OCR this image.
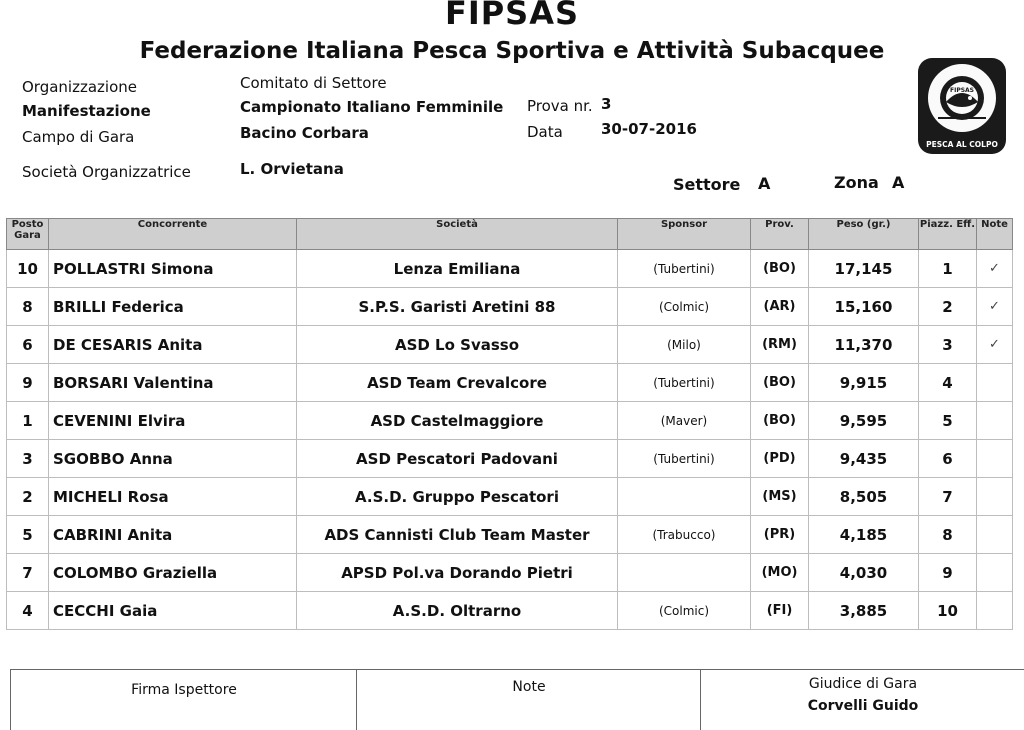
FIPSAS
Federazione Italiana Pesca Sportiva e Attività Subacquee
Organizzazione	Comitato di Settore
Manifestazione	Campionato Italiano Femminile Prova nr. 3
Campo di Gara	Bacino Corbara	Data	30-07-2016
Società Organizzatrice	L. Orvietana
Settore A	Zona A
FIPSAS
PESCA AL COLPO
Posto Gara	Concorrente	Società	Sponsor	Prov.	Peso (gr.)	Piazz. Eff.	Note
10	POLLASTRI Simona	Lenza Emiliana	(Tubertini)	(BO)	17,145	1	✓
8	BRILLI Federica	S.P.S. Garisti Aretini 88	(Colmic)	(AR)	15,160	2	✓
6	DE CESARIS Anita	ASD Lo Svasso	(Milo)	(RM)	11,370	3	✓
9	BORSARI Valentina	ASD Team Crevalcore	(Tubertini)	(BO)	9,915	4	
1	CEVENINI Elvira	ASD Castelmaggiore	(Maver)	(BO)	9,595	5	
3	SGOBBO Anna	ASD Pescatori Padovani	(Tubertini)	(PD)	9,435	6	
2	MICHELI Rosa	A.S.D. Gruppo Pescatori		(MS)	8,505	7	
5	CABRINI Anita	ADS Cannisti Club Team Master	(Trabucco)	(PR)	4,185	8	
7	COLOMBO Graziella	APSD Pol.va Dorando Pietri		(MO)	4,030	9	
4	CECCHI Gaia	A.S.D. Oltrarno	(Colmic)	(FI)	3,885	10	
Firma Ispettore	Note	Giudice di Gara
Corvelli Guido
